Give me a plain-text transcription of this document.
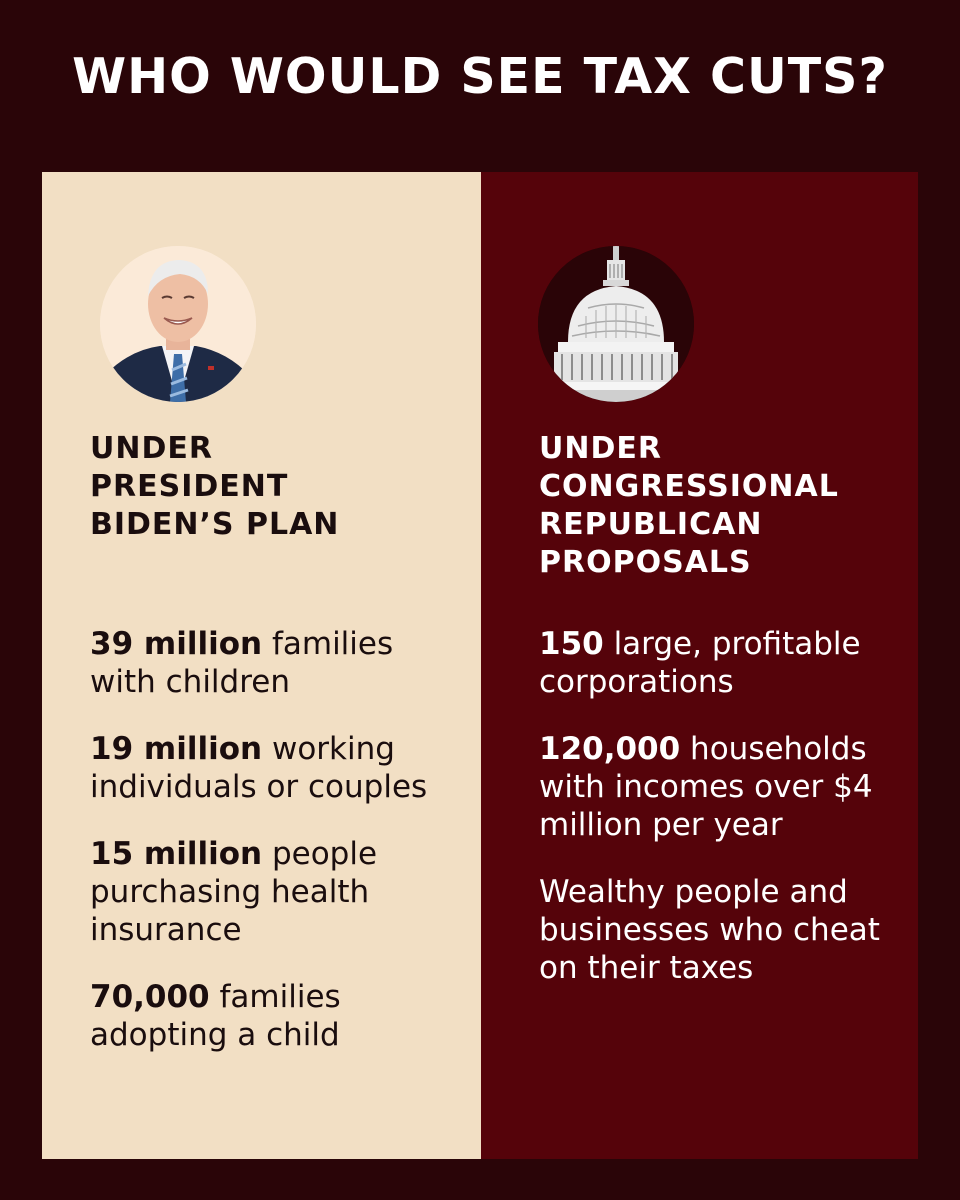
WHO WOULD SEE TAX CUTS?
UNDER
PRESIDENT
BIDEN’S PLAN
39 million families with children
19 million working individuals or couples
15 million people purchasing health insurance
70,000 families adopting a child
UNDER
CONGRESSIONAL
REPUBLICAN
PROPOSALS
150 large, profitable corporations
120,000 households with incomes over $4 million per year
Wealthy people and businesses who cheat on their taxes
